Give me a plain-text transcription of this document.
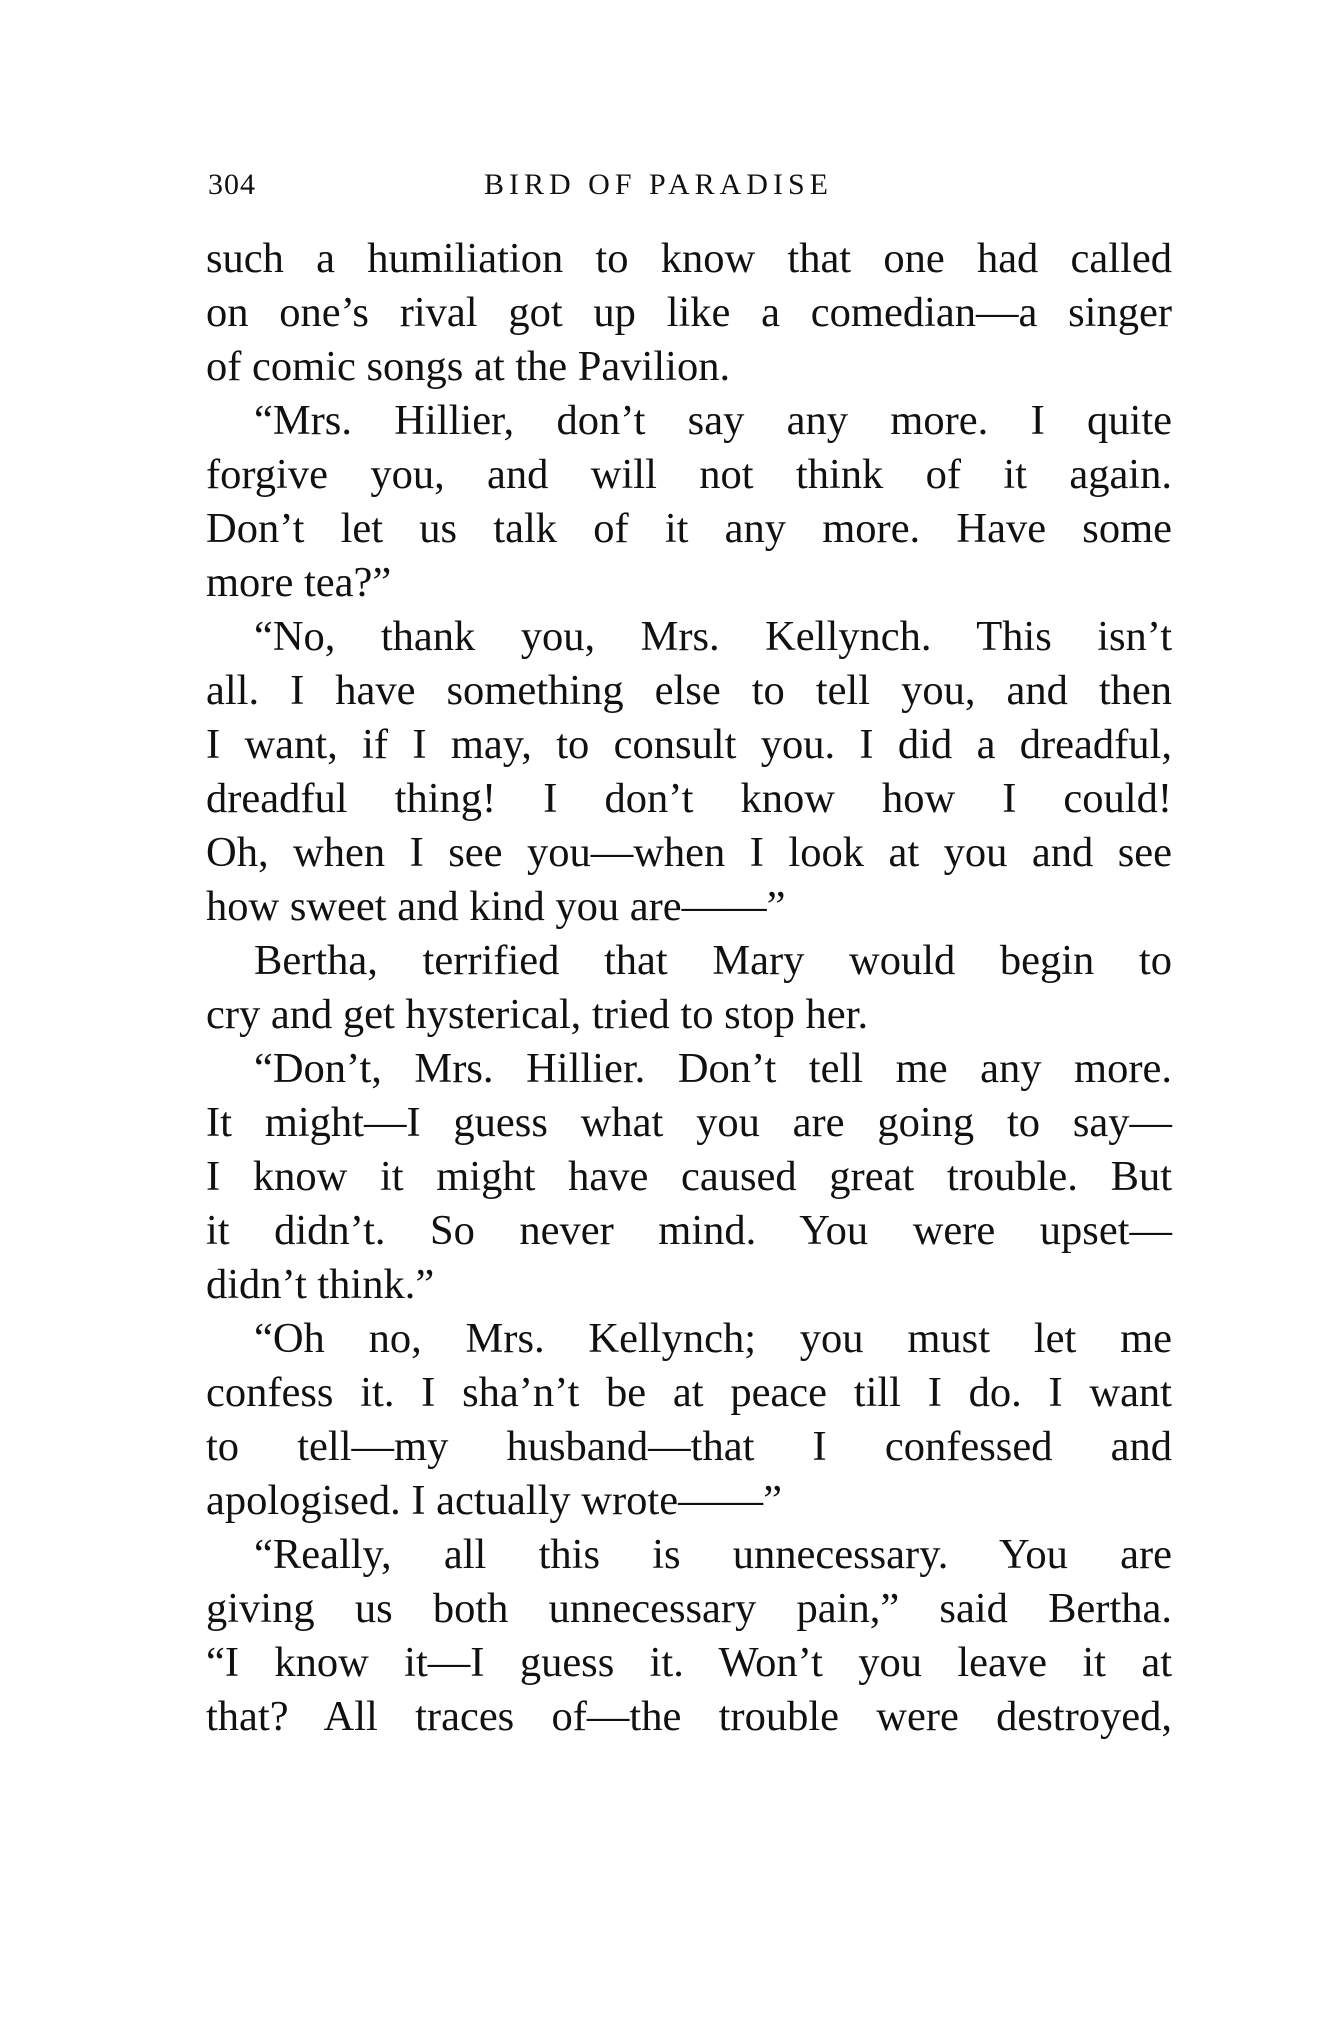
304	BIRD OF PARADISE
such a humiliation to know that one had called
on one’s rival got up like a comedian—a singer
of comic songs at the Pavilion.
“Mrs. Hillier, don’t say any more. I quite
forgive you, and will not think of it again.
Don’t let us talk of it any more. Have some
more tea?”
“No, thank you, Mrs. Kellynch. This isn’t
all. I have something else to tell you, and then
I want, if I may, to consult you. I did a dreadful,
dreadful thing! I don’t know how I could!
Oh, when I see you—when I look at you and see
how sweet and kind you are——”
Bertha, terrified that Mary would begin to
cry and get hysterical, tried to stop her.
“Don’t, Mrs. Hillier. Don’t tell me any more.
It might—I guess what you are going to say—
I know it might have caused great trouble. But
it didn’t. So never mind. You were upset—
didn’t think.”
“Oh no, Mrs. Kellynch; you must let me
confess it. I sha’n’t be at peace till I do. I want
to tell—my husband—that I confessed and
apologised. I actually wrote——”
“Really, all this is unnecessary. You are
giving us both unnecessary pain,” said Bertha.
“I know it—I guess it. Won’t you leave it at
that? All traces of—the trouble were destroyed,
